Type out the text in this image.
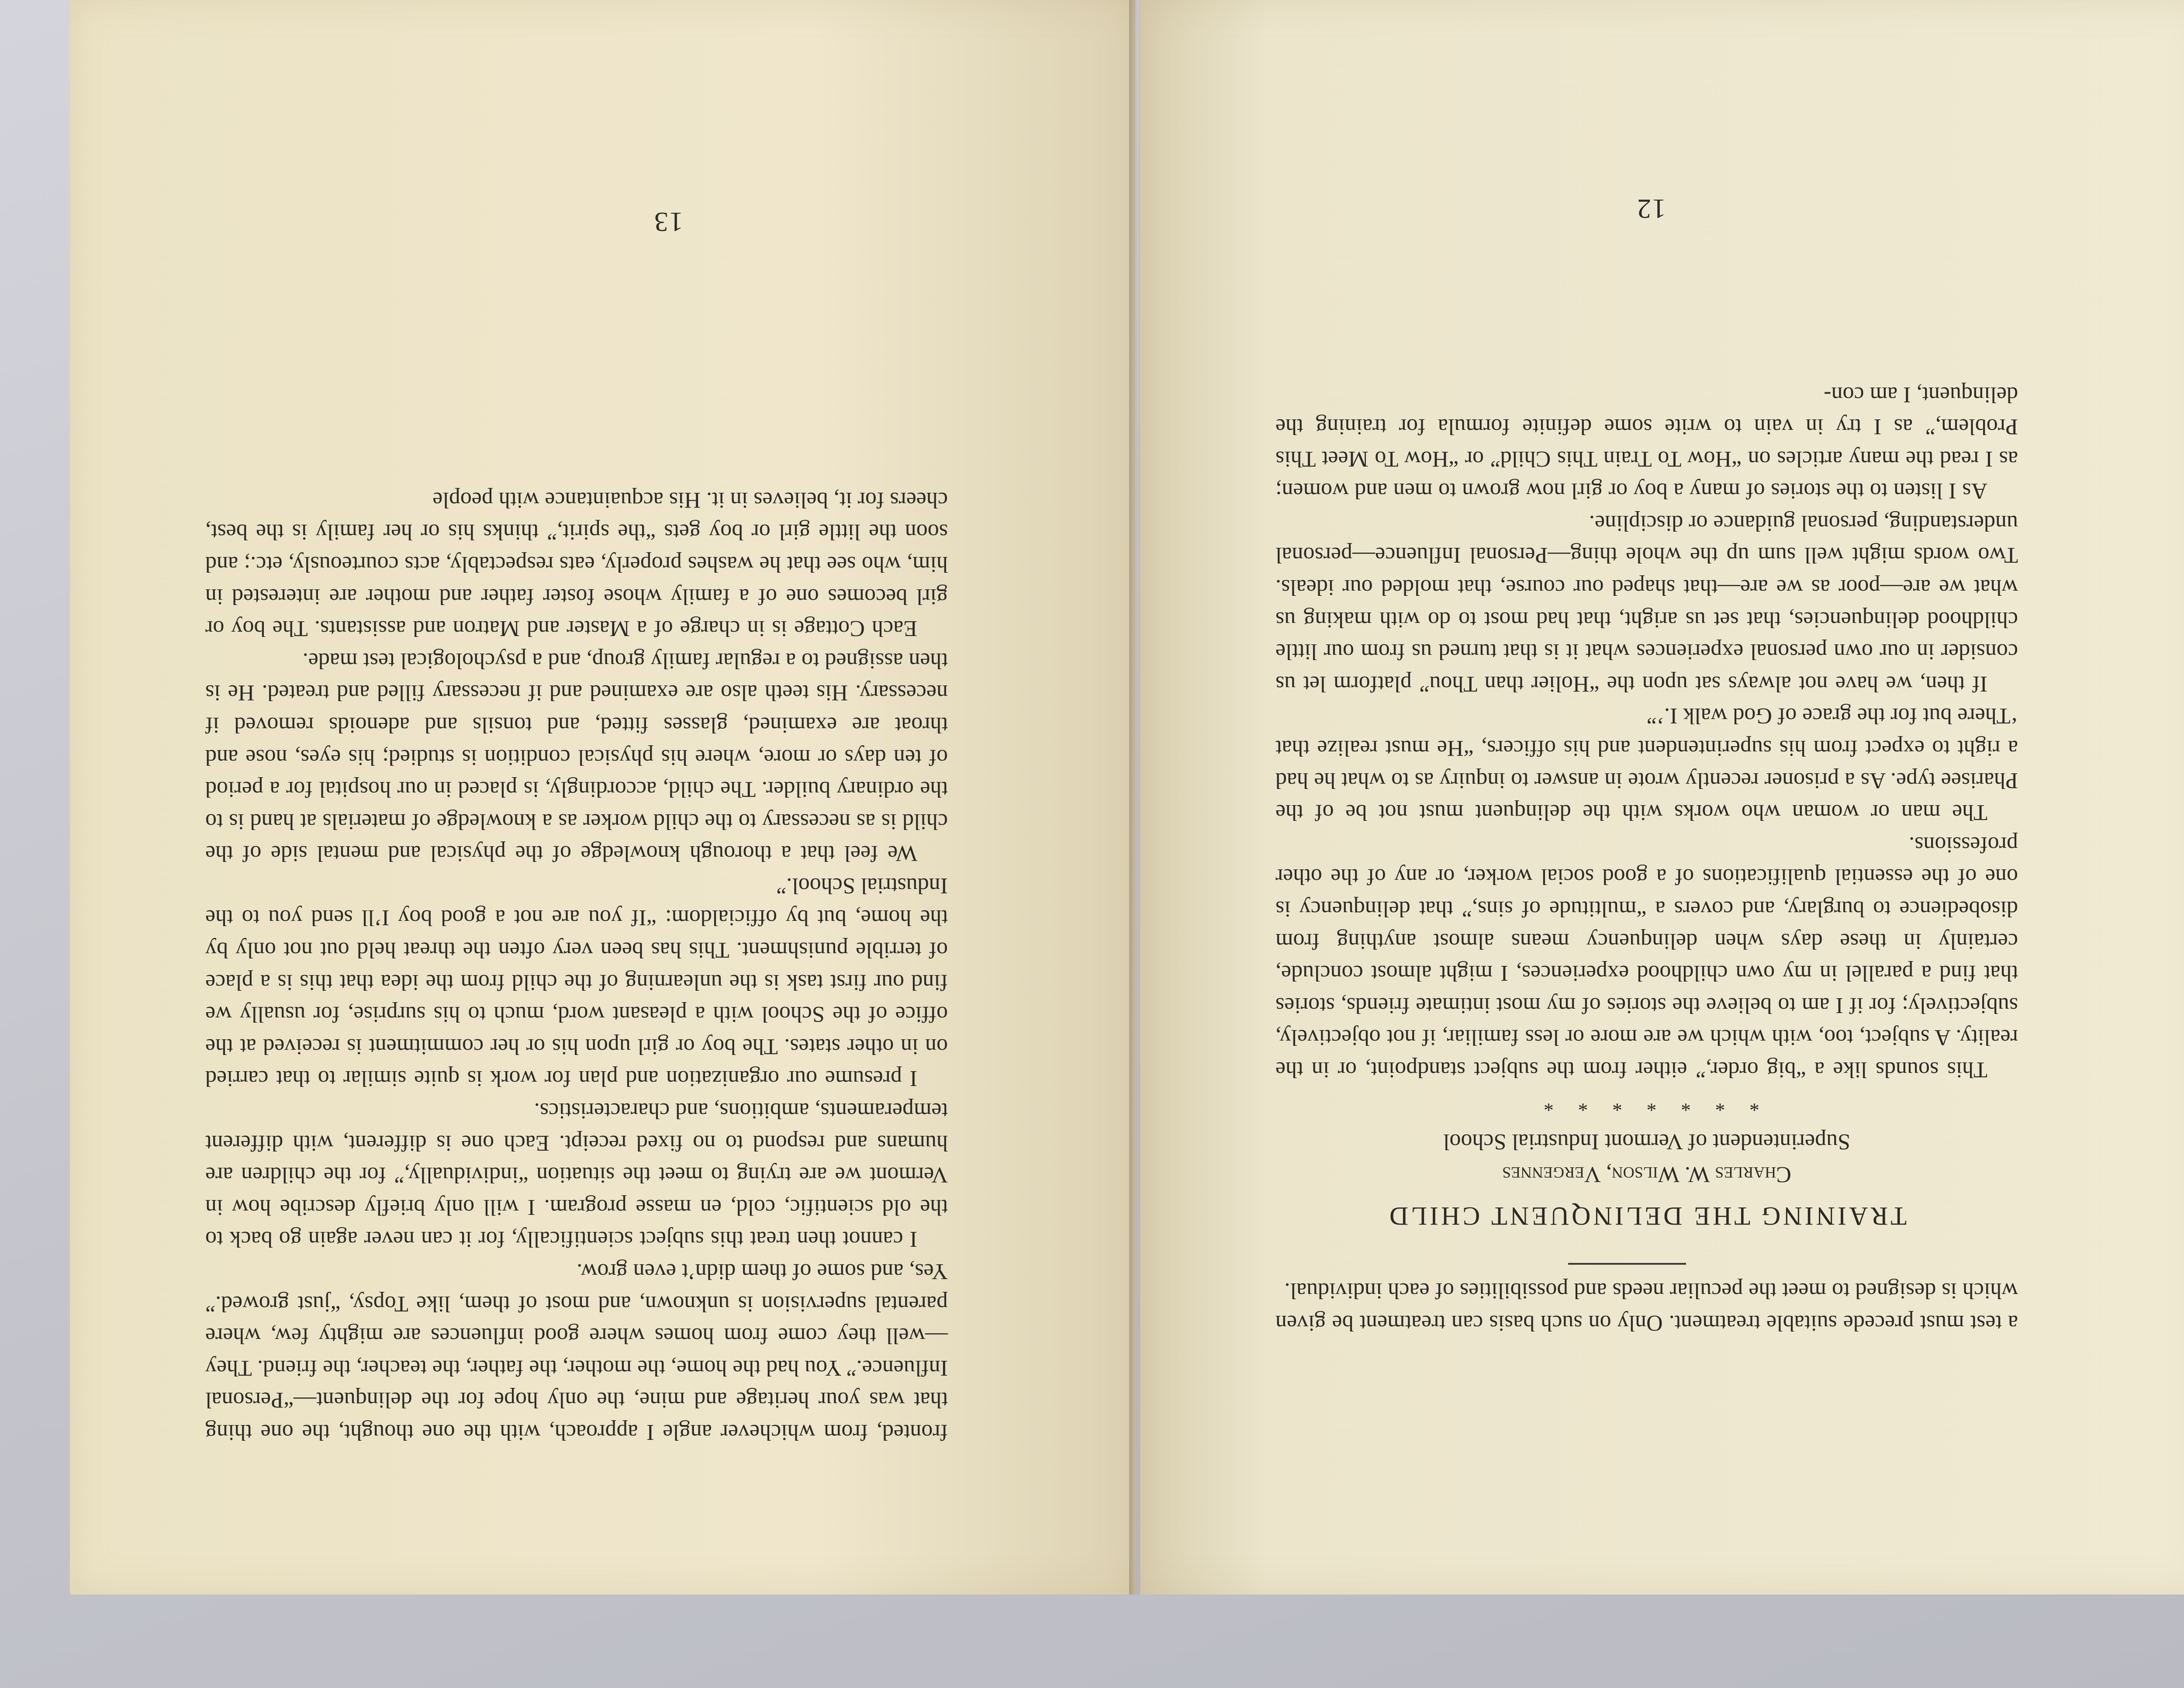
13

fronted, from whichever angle I approach, with the one thought, the one thing that was your heritage and mine, the only hope for the delinquent—“Personal Influence.” You had the home, the mother, the father, the teacher, the friend. They—well they come from homes where good influences are mighty few, where parental supervision is unknown, and most of them, like Topsy, “just growed.” Yes, and some of them didn’t even grow.

I cannot then treat this subject scientifically, for it can never again go back to the old scientific, cold, en masse program. I will only briefly describe how in Vermont we are trying to meet the situation “individually,” for the children are humans and respond to no fixed receipt. Each one is different, with different temperaments, ambitions, and characteristics.

I presume our organization and plan for work is quite similar to that carried on in other states. The boy or girl upon his or her commitment is received at the office of the School with a pleasant word, much to his surprise, for usually we find our first task is the unlearning of the child from the idea that this is a place of terrible punishment. This has been very often the threat held out not only by the home, but by officialdom: “If you are not a good boy I’ll send you to the Industrial School.”

We feel that a thorough knowledge of the physical and mental side of the child is as necessary to the child worker as a knowledge of materials at hand is to the ordinary builder. The child, accordingly, is placed in our hospital for a period of ten days or more, where his physical condition is studied; his eyes, nose and throat are examined, glasses fitted, and tonsils and adenoids removed if necessary. His teeth also are examined and if necessary filled and treated. He is then assigned to a regular family group, and a psychological test made.

Each Cottage is in charge of a Master and Matron and assistants. The boy or girl becomes one of a family whose foster father and mother are interested in him, who see that he washes properly, eats respectably, acts courteously, etc.; and soon the little girl or boy gets “the spirit,” thinks his or her family is the best, cheers for it, believes in it. His acquaintance with people

12

a test must precede suitable treatment. Only on such basis can treatment be given which is designed to meet the peculiar needs and possibilities of each individual.

TRAINING THE DELINQUENT CHILD
Charles W. Wilson, Vergennes
Superintendent of Vermont Industrial School
* * * * * * *

This sounds like a “big order,” either from the subject standpoint, or in the reality. A subject, too, with which we are more or less familiar, if not objectively, subjectively; for if I am to believe the stories of my most intimate friends, stories that find a parallel in my own childhood experiences, I might almost conclude, certainly in these days when delinquency means almost anything from disobedience to burglary, and covers a “multitude of sins,” that delinquency is one of the essential qualifications of a good social worker, or any of the other professions.

The man or woman who works with the delinquent must not be of the Pharisee type. As a prisoner recently wrote in answer to inquiry as to what he had a right to expect from his superintendent and his officers, “He must realize that ‘There but for the grace of God walk I.’”

If then, we have not always sat upon the “Holier than Thou” platform let us consider in our own personal experiences what it is that turned us from our little childhood delinquencies, that set us aright, that had most to do with making us what we are—poor as we are—that shaped our course, that molded our ideals. Two words might well sum up the whole thing—Personal Influence—personal understanding, personal guidance or discipline.

As I listen to the stories of many a boy or girl now grown to men and women; as I read the many articles on “How To Train This Child” or “How To Meet This Problem,” as I try in vain to write some definite formula for training the delinquent, I am con-
